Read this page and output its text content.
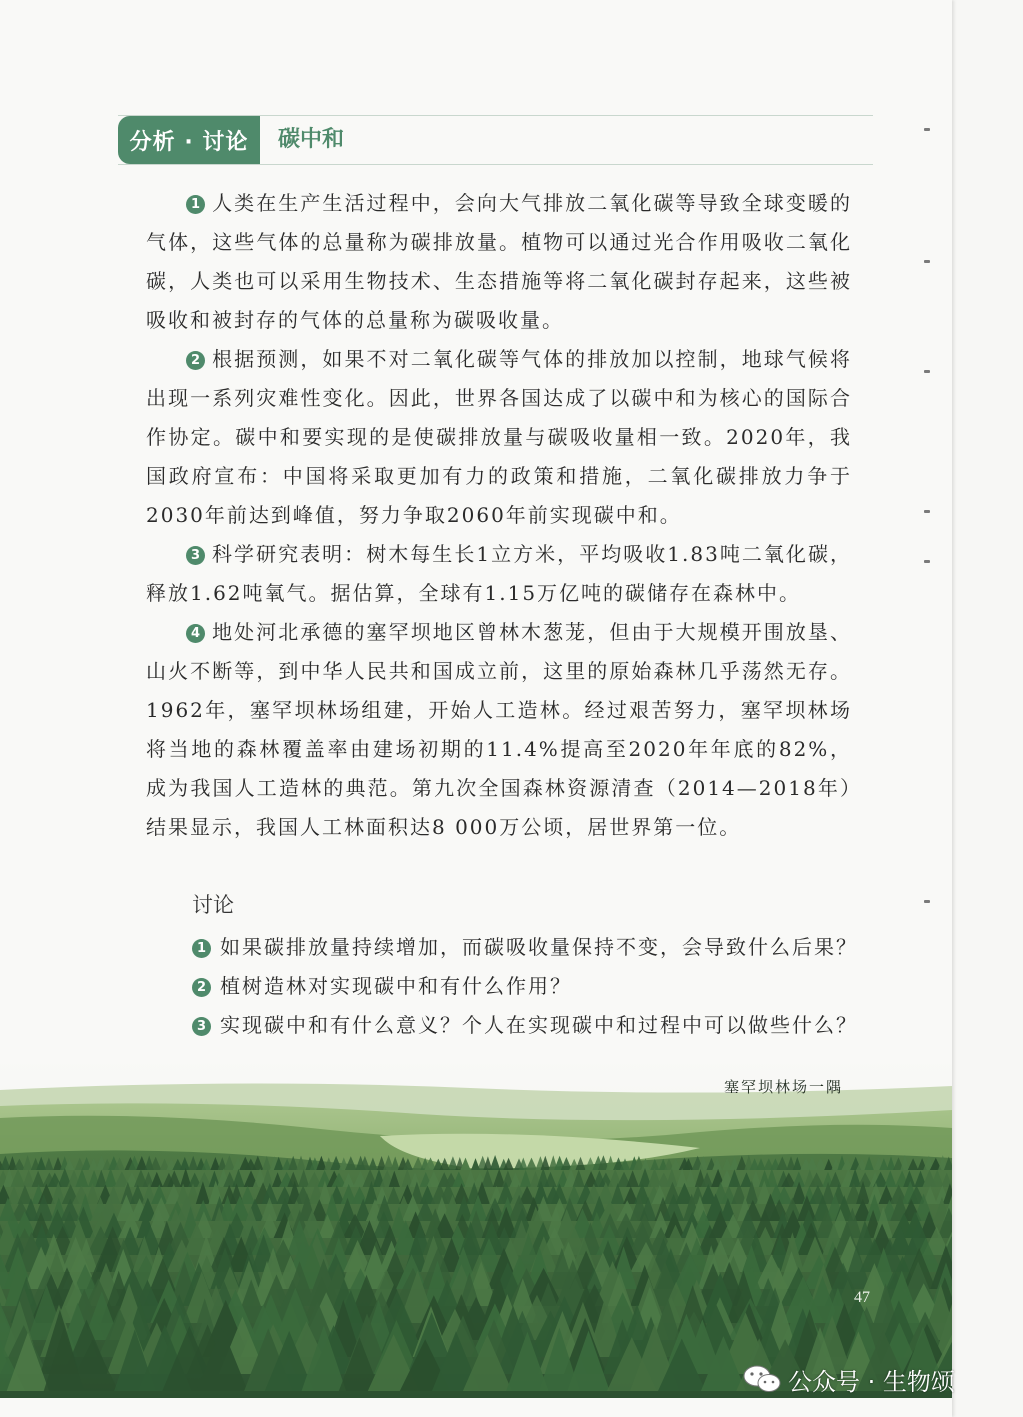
分析 · 讨论	碳中和

1 人类在生产生活过程中，会向大气排放二氧化碳等导致全球变暖的气体，这些气体的总量称为碳排放量。植物可以通过光合作用吸收二氧化碳，人类也可以采用生物技术、生态措施等将二氧化碳封存起来，这些被吸收和被封存的气体的总量称为碳吸收量。

2 根据预测，如果不对二氧化碳等气体的排放加以控制，地球气候将出现一系列灾难性变化。因此，世界各国达成了以碳中和为核心的国际合作协定。碳中和要实现的是使碳排放量与碳吸收量相一致。2020年，我国政府宣布：中国将采取更加有力的政策和措施，二氧化碳排放力争于2030年前达到峰值，努力争取2060年前实现碳中和。

3 科学研究表明：树木每生长1立方米，平均吸收1.83吨二氧化碳，释放1.62吨氧气。据估算，全球有1.15万亿吨的碳储存在森林中。

4 地处河北承德的塞罕坝地区曾林木葱茏，但由于大规模开围放垦、山火不断等，到中华人民共和国成立前，这里的原始森林几乎荡然无存。1962年，塞罕坝林场组建，开始人工造林。经过艰苦努力，塞罕坝林场将当地的森林覆盖率由建场初期的11.4%提高至2020年年底的82%，成为我国人工造林的典范。第九次全国森林资源清查（2014—2018年）结果显示，我国人工林面积达8 000万公顷，居世界第一位。

讨论

1 如果碳排放量持续增加，而碳吸收量保持不变，会导致什么后果？

2 植树造林对实现碳中和有什么作用？

3 实现碳中和有什么意义？个人在实现碳中和过程中可以做些什么？

塞罕坝林场一隅
47
公众号 · 生物颂
